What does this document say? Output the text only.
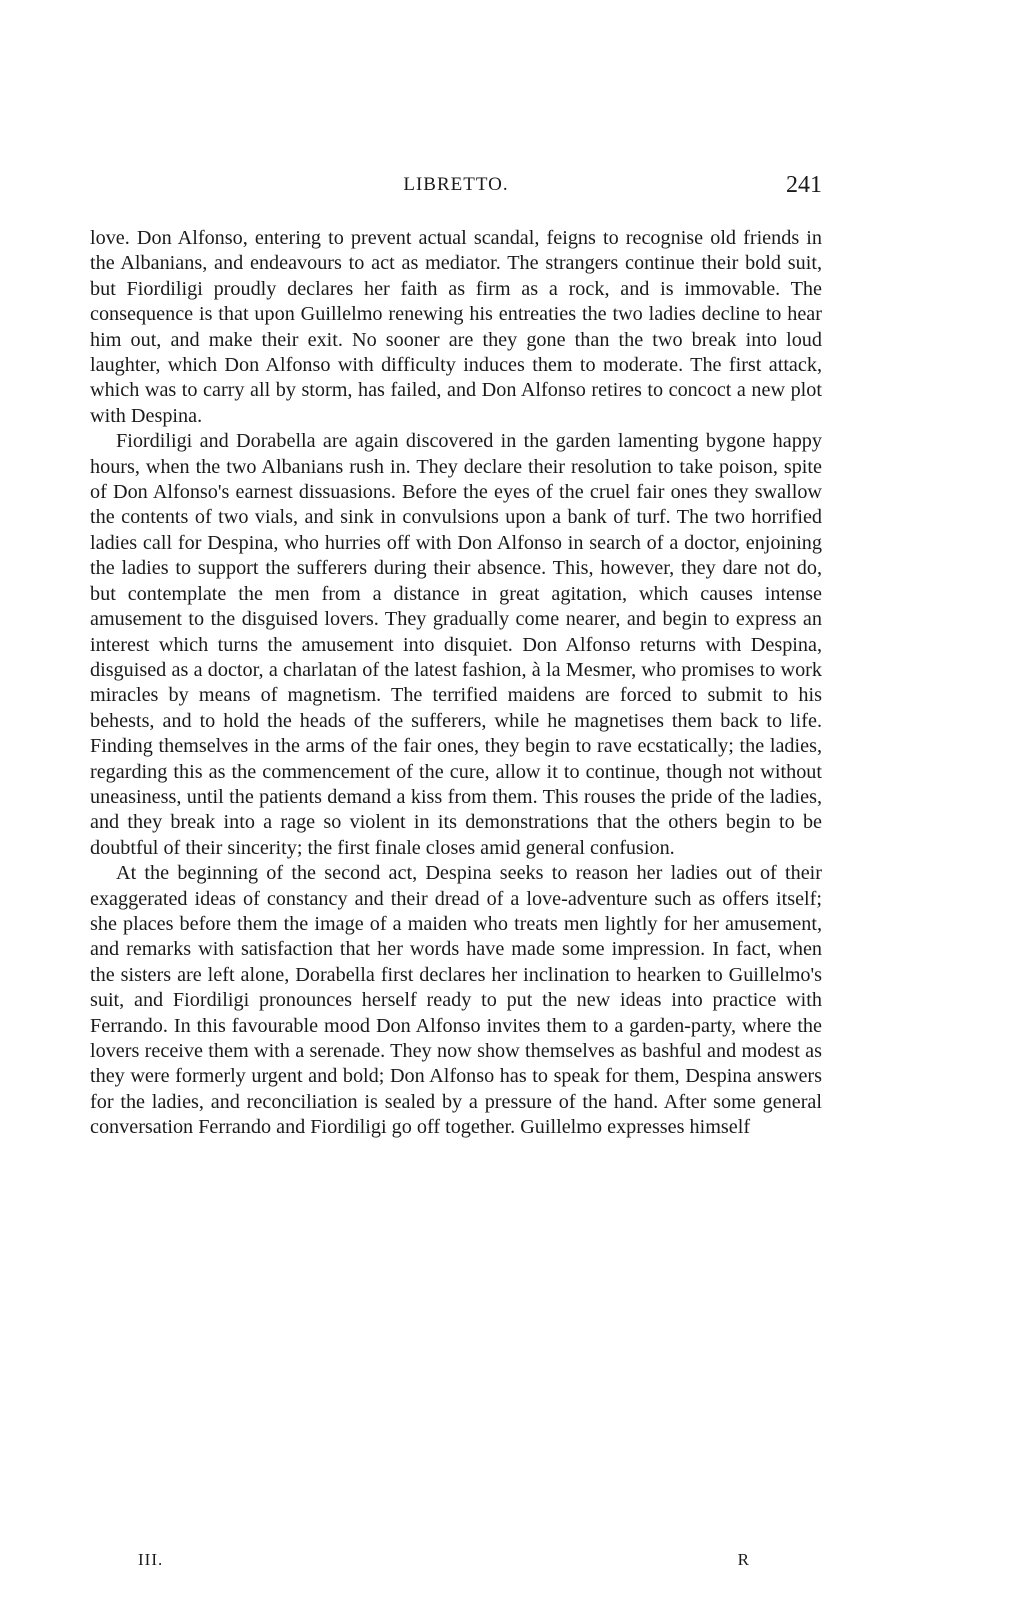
LIBRETTO.	241

love. Don Alfonso, entering to prevent actual scandal, feigns to recognise old friends in the Albanians, and endeavours to act as mediator. The strangers continue their bold suit, but Fiordiligi proudly declares her faith as firm as a rock, and is immovable. The consequence is that upon Guillelmo renewing his entreaties the two ladies decline to hear him out, and make their exit. No sooner are they gone than the two break into loud laughter, which Don Alfonso with difficulty induces them to moderate. The first attack, which was to carry all by storm, has failed, and Don Alfonso retires to concoct a new plot with Despina.

Fiordiligi and Dorabella are again discovered in the garden lamenting bygone happy hours, when the two Albanians rush in. They declare their resolution to take poison, spite of Don Alfonso's earnest dissuasions. Before the eyes of the cruel fair ones they swallow the contents of two vials, and sink in convulsions upon a bank of turf. The two horrified ladies call for Despina, who hurries off with Don Alfonso in search of a doctor, enjoining the ladies to support the sufferers during their absence. This, however, they dare not do, but contemplate the men from a distance in great agitation, which causes intense amusement to the disguised lovers. They gradually come nearer, and begin to express an interest which turns the amusement into disquiet. Don Alfonso returns with Despina, disguised as a doctor, a charlatan of the latest fashion, à la Mesmer, who promises to work miracles by means of magnetism. The terrified maidens are forced to submit to his behests, and to hold the heads of the sufferers, while he magnetises them back to life. Finding themselves in the arms of the fair ones, they begin to rave ecstatically; the ladies, regarding this as the commencement of the cure, allow it to continue, though not without uneasiness, until the patients demand a kiss from them. This rouses the pride of the ladies, and they break into a rage so violent in its demonstrations that the others begin to be doubtful of their sincerity; the first finale closes amid general confusion.

At the beginning of the second act, Despina seeks to reason her ladies out of their exaggerated ideas of constancy and their dread of a love-adventure such as offers itself; she places before them the image of a maiden who treats men lightly for her amusement, and remarks with satisfaction that her words have made some impression. In fact, when the sisters are left alone, Dorabella first declares her inclination to hearken to Guillelmo's suit, and Fiordiligi pronounces herself ready to put the new ideas into practice with Ferrando. In this favourable mood Don Alfonso invites them to a garden-party, where the lovers receive them with a serenade. They now show themselves as bashful and modest as they were formerly urgent and bold; Don Alfonso has to speak for them, Despina answers for the ladies, and reconciliation is sealed by a pressure of the hand. After some general conversation Ferrando and Fiordiligi go off together. Guillelmo expresses himself

III.	R
